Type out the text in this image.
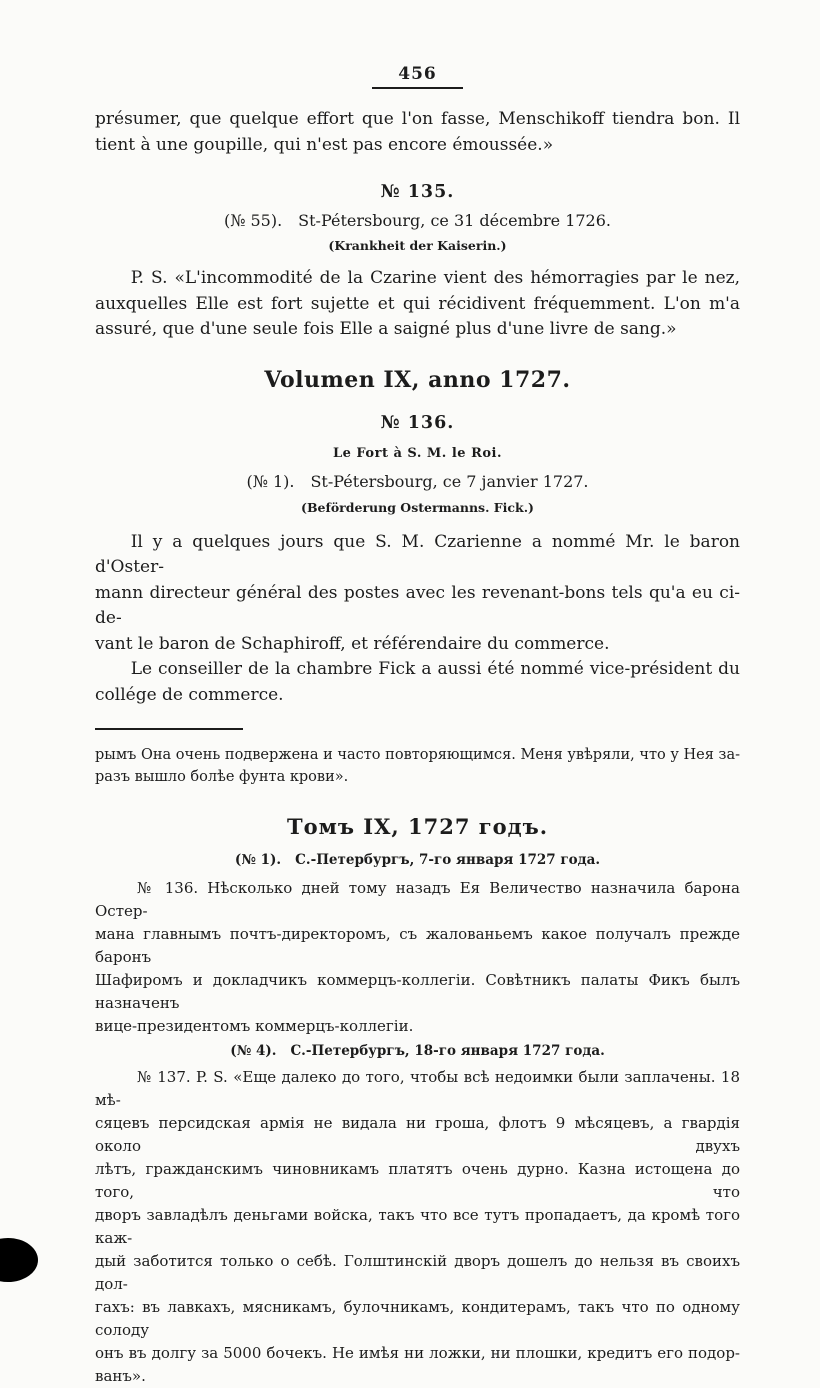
456
présumer, que quelque effort que l'on fasse, Menschikoff tiendra bon. Il
tient à une goupille, qui n'est pas encore émoussée.»
№ 135.
(№ 55). St-Pétersbourg, ce 31 décembre 1726.
(Krankheit der Kaiserin.)
P. S. «L'incommodité de la Czarine vient des hémorragies par le nez,
auxquelles Elle est fort sujette et qui récidivent fréquemment. L'on m'a
assuré, que d'une seule fois Elle a saigné plus d'une livre de sang.»
Volumen IX, anno 1727.
№ 136.
Le Fort à S. M. le Roi.
(№ 1). St-Pétersbourg, ce 7 janvier 1727.
(Beförderung Ostermanns. Fick.)
Il y a quelques jours que S. M. Czarienne a nommé Mr. le baron d'Oster-
mann directeur général des postes avec les revenant-bons tels qu'a eu ci-de-
vant le baron de Schaphiroff, et référendaire du commerce.
Le conseiller de la chambre Fick a aussi été nommé vice-président du
collége de commerce.
рымъ Она очень подвержена и часто повторяющимся. Меня увѣряли, что у Нея за-
разъ вышло болѣе фунта крови».
Томъ IX, 1727 годъ.
(№ 1). С.-Петербургъ, 7-го января 1727 года.
№ 136. Нѣсколько дней тому назадъ Ея Величество назначила барона Остер-
мана главнымъ почтъ-директоромъ, съ жалованьемъ какое получалъ прежде баронъ
Шафиромъ и докладчикъ коммерцъ-коллегіи. Совѣтникъ палаты Фикъ былъ назначенъ
вице-президентомъ коммерцъ-коллегіи.
(№ 4). С.-Петербургъ, 18-го января 1727 года.
№ 137. P. S. «Еще далеко до того, чтобы всѣ недоимки были заплачены. 18 мѣ-
сяцевъ персидская армія не видала ни гроша, флотъ 9 мѣсяцевъ, а гвардія около двухъ
лѣтъ, гражданскимъ чиновникамъ платятъ очень дурно. Казна истощена до того, что
дворъ завладѣлъ деньгами войска, такъ что все тутъ пропадаетъ, да кромѣ того каж-
дый заботится только о себѣ. Голштинскій дворъ дошелъ до нельзя въ своихъ дол-
гахъ: въ лавкахъ, мясникамъ, булочникамъ, кондитерамъ, такъ что по одному солоду
онъ въ долгу за 5000 бочекъ. Не имѣя ни ложки, ни плошки, кредитъ его подор-
ванъ».
